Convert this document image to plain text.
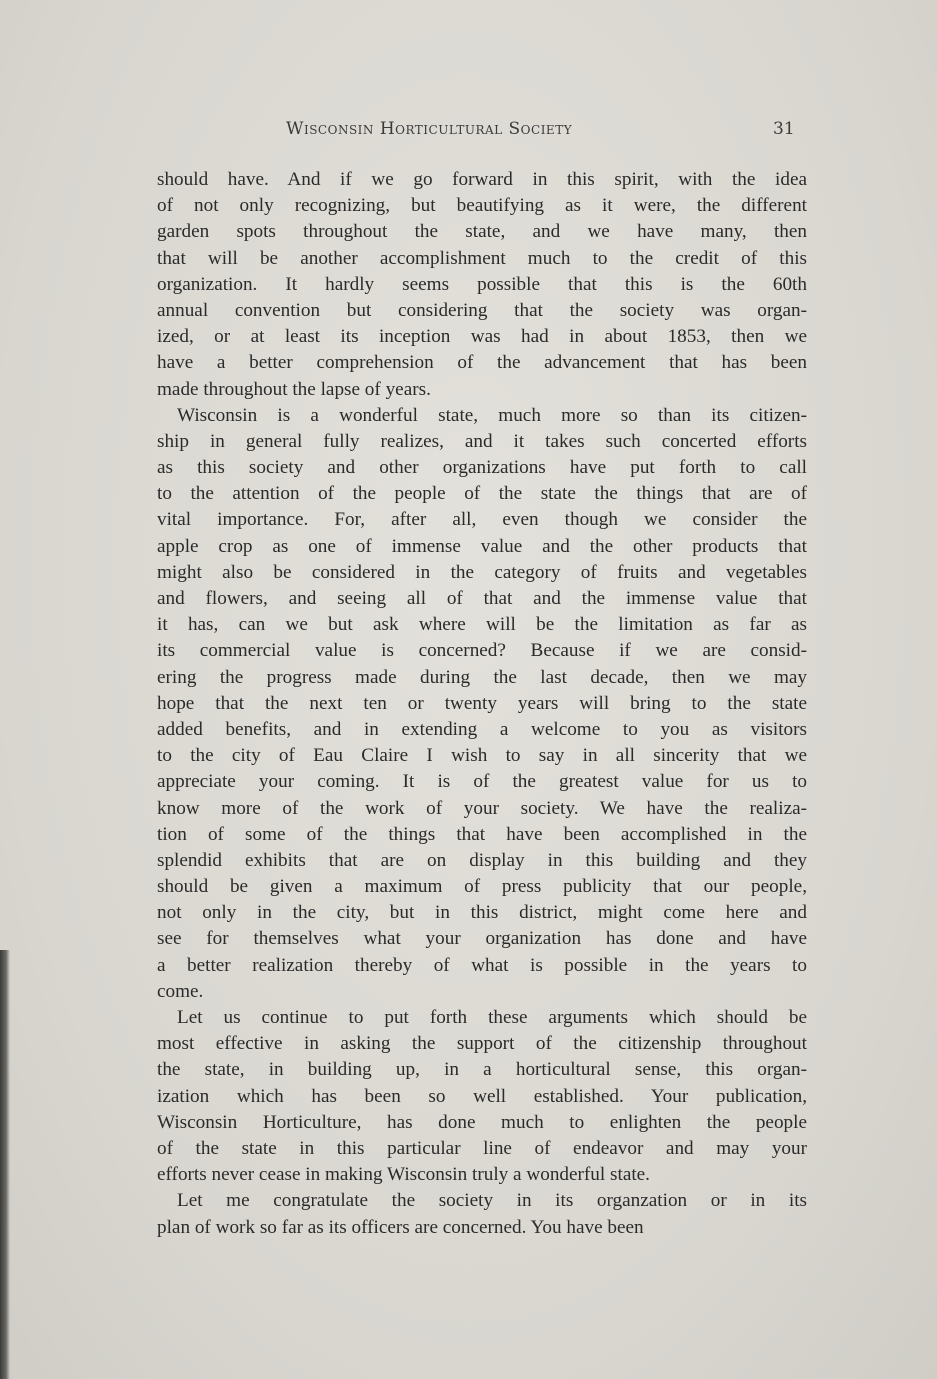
Wisconsin Horticultural Society	31
should have. And if we go forward in this spirit, with the idea
of not only recognizing, but beautifying as it were, the different
garden spots throughout the state, and we have many, then
that will be another accomplishment much to the credit of this
organization. It hardly seems possible that this is the 60th
annual convention but considering that the society was organ-
ized, or at least its inception was had in about 1853, then we
have a better comprehension of the advancement that has been
made throughout the lapse of years.
Wisconsin is a wonderful state, much more so than its citizen-
ship in general fully realizes, and it takes such concerted efforts
as this society and other organizations have put forth to call
to the attention of the people of the state the things that are of
vital importance. For, after all, even though we consider the
apple crop as one of immense value and the other products that
might also be considered in the category of fruits and vegetables
and flowers, and seeing all of that and the immense value that
it has, can we but ask where will be the limitation as far as
its commercial value is concerned? Because if we are consid-
ering the progress made during the last decade, then we may
hope that the next ten or twenty years will bring to the state
added benefits, and in extending a welcome to you as visitors
to the city of Eau Claire I wish to say in all sincerity that we
appreciate your coming. It is of the greatest value for us to
know more of the work of your society. We have the realiza-
tion of some of the things that have been accomplished in the
splendid exhibits that are on display in this building and they
should be given a maximum of press publicity that our people,
not only in the city, but in this district, might come here and
see for themselves what your organization has done and have
a better realization thereby of what is possible in the years to
come.
Let us continue to put forth these arguments which should be
most effective in asking the support of the citizenship throughout
the state, in building up, in a horticultural sense, this organ-
ization which has been so well established. Your publication,
Wisconsin Horticulture, has done much to enlighten the people
of the state in this particular line of endeavor and may your
efforts never cease in making Wisconsin truly a wonderful state.
Let me congratulate the society in its organzation or in its
plan of work so far as its officers are concerned. You have been
